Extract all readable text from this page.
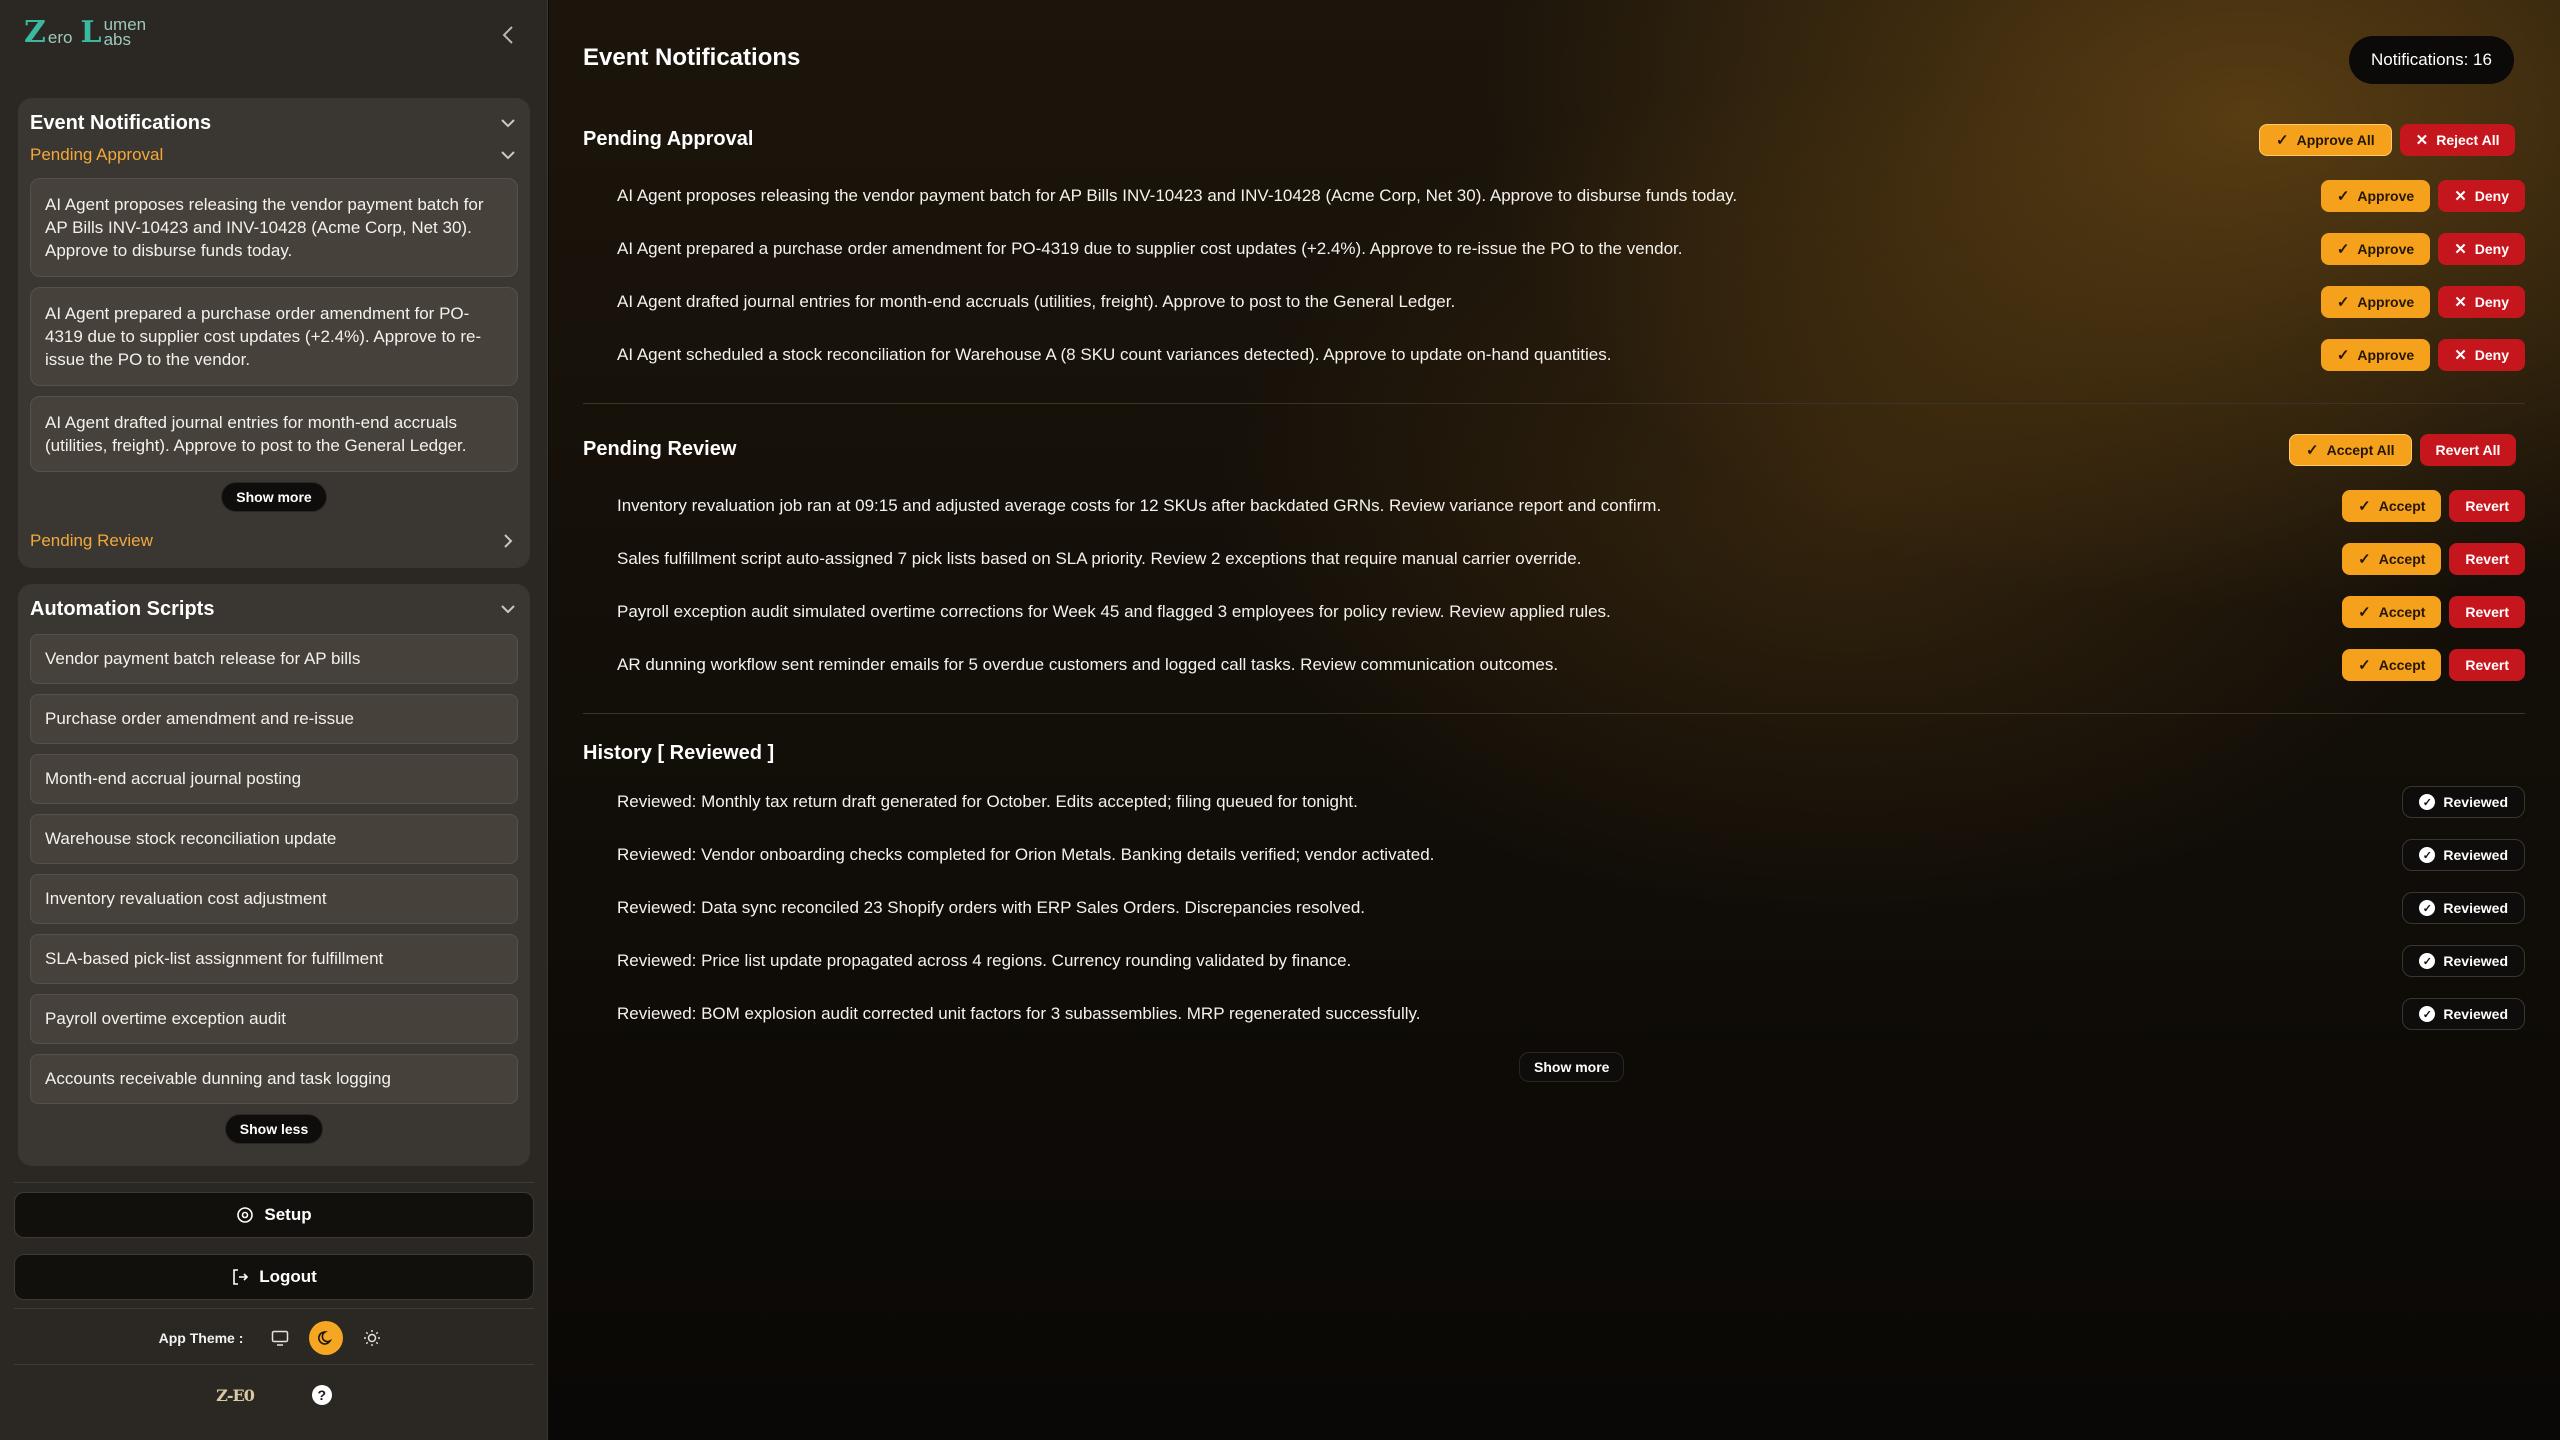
Z ero L umen
abs
Event Notifications
Pending Approval
AI Agent proposes releasing the vendor payment batch for AP Bills INV-10423 and INV-10428 (Acme Corp, Net 30). Approve to disburse funds today.
AI Agent prepared a purchase order amendment for PO-4319 due to supplier cost updates (+2.4%). Approve to re-issue the PO to the vendor.
AI Agent drafted journal entries for month-end accruals (utilities, freight). Approve to post to the General Ledger.
Show more
Pending Review
Automation Scripts
Vendor payment batch release for AP bills
Purchase order amendment and re-issue
Month-end accrual journal posting
Warehouse stock reconciliation update
Inventory revaluation cost adjustment
SLA-based pick-list assignment for fulfillment
Payroll overtime exception audit
Accounts receivable dunning and task logging
Show less
Setup
Logout
App Theme :
Z-E0	?
Event Notifications	Notifications: 16
Pending Approval	✓ Approve All	✕ Reject All
AI Agent proposes releasing the vendor payment batch for AP Bills INV-10423 and INV-10428 (Acme Corp, Net 30). Approve to disburse funds today.	✓ Approve	✕ Deny
AI Agent prepared a purchase order amendment for PO-4319 due to supplier cost updates (+2.4%). Approve to re-issue the PO to the vendor.	✓ Approve	✕ Deny
AI Agent drafted journal entries for month-end accruals (utilities, freight). Approve to post to the General Ledger.	✓ Approve	✕ Deny
AI Agent scheduled a stock reconciliation for Warehouse A (8 SKU count variances detected). Approve to update on-hand quantities.	✓ Approve	✕ Deny
Pending Review	✓ Accept All	Revert All
Inventory revaluation job ran at 09:15 and adjusted average costs for 12 SKUs after backdated GRNs. Review variance report and confirm.	✓ Accept	Revert
Sales fulfillment script auto-assigned 7 pick lists based on SLA priority. Review 2 exceptions that require manual carrier override.	✓ Accept	Revert
Payroll exception audit simulated overtime corrections for Week 45 and flagged 3 employees for policy review. Review applied rules.	✓ Accept	Revert
AR dunning workflow sent reminder emails for 5 overdue customers and logged call tasks. Review communication outcomes.	✓ Accept	Revert
History [ Reviewed ]
Reviewed: Monthly tax return draft generated for October. Edits accepted; filing queued for tonight.	✓ Reviewed
Reviewed: Vendor onboarding checks completed for Orion Metals. Banking details verified; vendor activated.	✓ Reviewed
Reviewed: Data sync reconciled 23 Shopify orders with ERP Sales Orders. Discrepancies resolved.	✓ Reviewed
Reviewed: Price list update propagated across 4 regions. Currency rounding validated by finance.	✓ Reviewed
Reviewed: BOM explosion audit corrected unit factors for 3 subassemblies. MRP regenerated successfully.	✓ Reviewed
Show more
